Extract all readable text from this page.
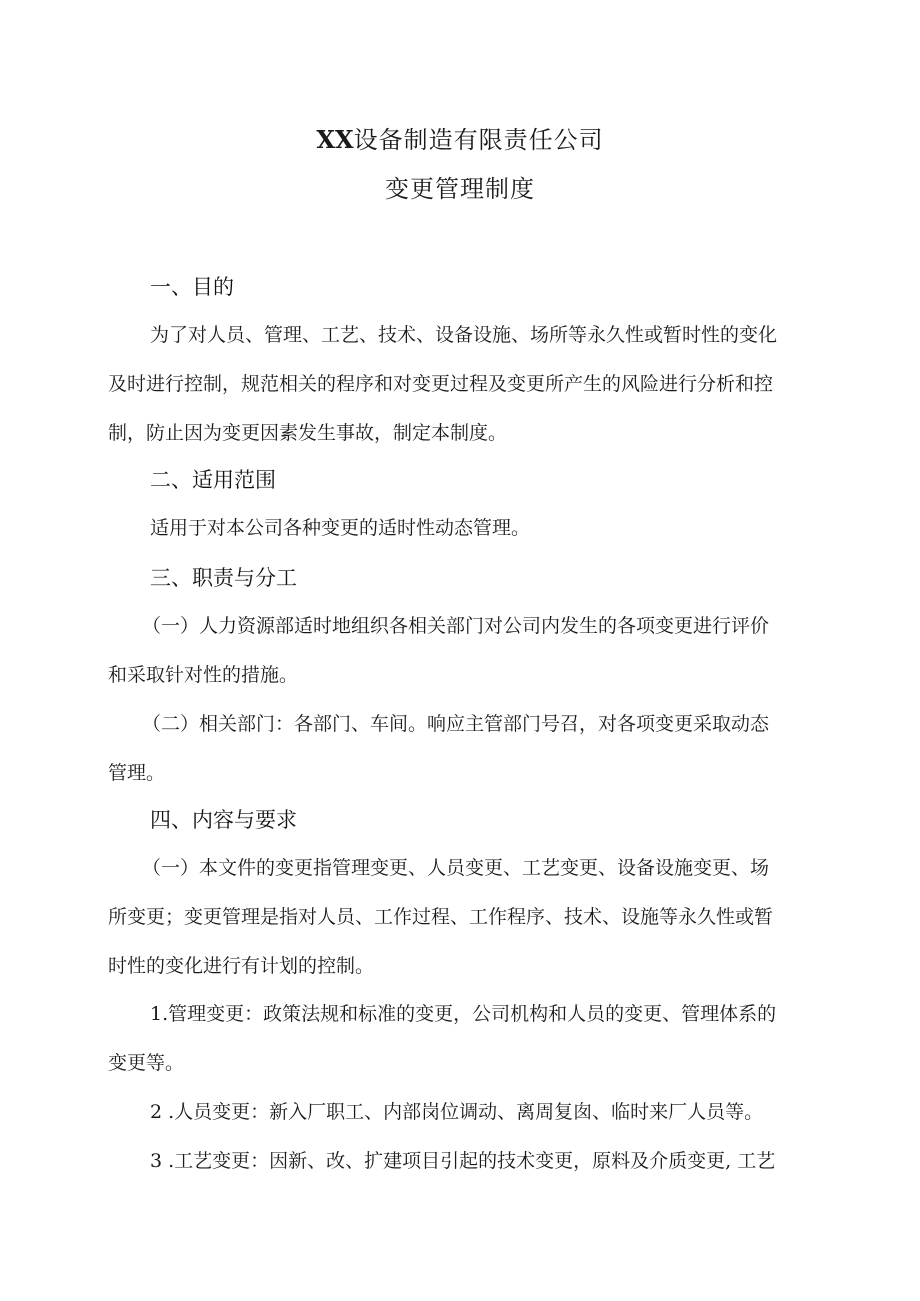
XX设备制造有限责任公司
变更管理制度
一、目的
为了对人员、管理、工艺、技术、设备设施、场所等永久性或暂时性的变化
及时进行控制，规范相关的程序和对变更过程及变更所产生的风险进行分析和控
制，防止因为变更因素发生事故，制定本制度。
二、适用范围
适用于对本公司各种变更的适时性动态管理。
三、职责与分工
（一）人力资源部适时地组织各相关部门对公司内发生的各项变更进行评价
和采取针对性的措施。
（二）相关部门：各部门、车间。响应主管部门号召，对各项变更采取动态
管理。
四、内容与要求
（一）本文件的变更指管理变更、人员变更、工艺变更、设备设施变更、场
所变更；变更管理是指对人员、工作过程、工作程序、技术、设施等永久性或暂
时性的变化进行有计划的控制。
1.管理变更：政策法规和标准的变更，公司机构和人员的变更、管理体系的
变更等。
2 .人员变更：新入厂职工、内部岗位调动、离周复囱、临时来厂人员等。
3 .工艺变更：因新、改、扩建项目引起的技术变更，原料及介质变更, 工艺
